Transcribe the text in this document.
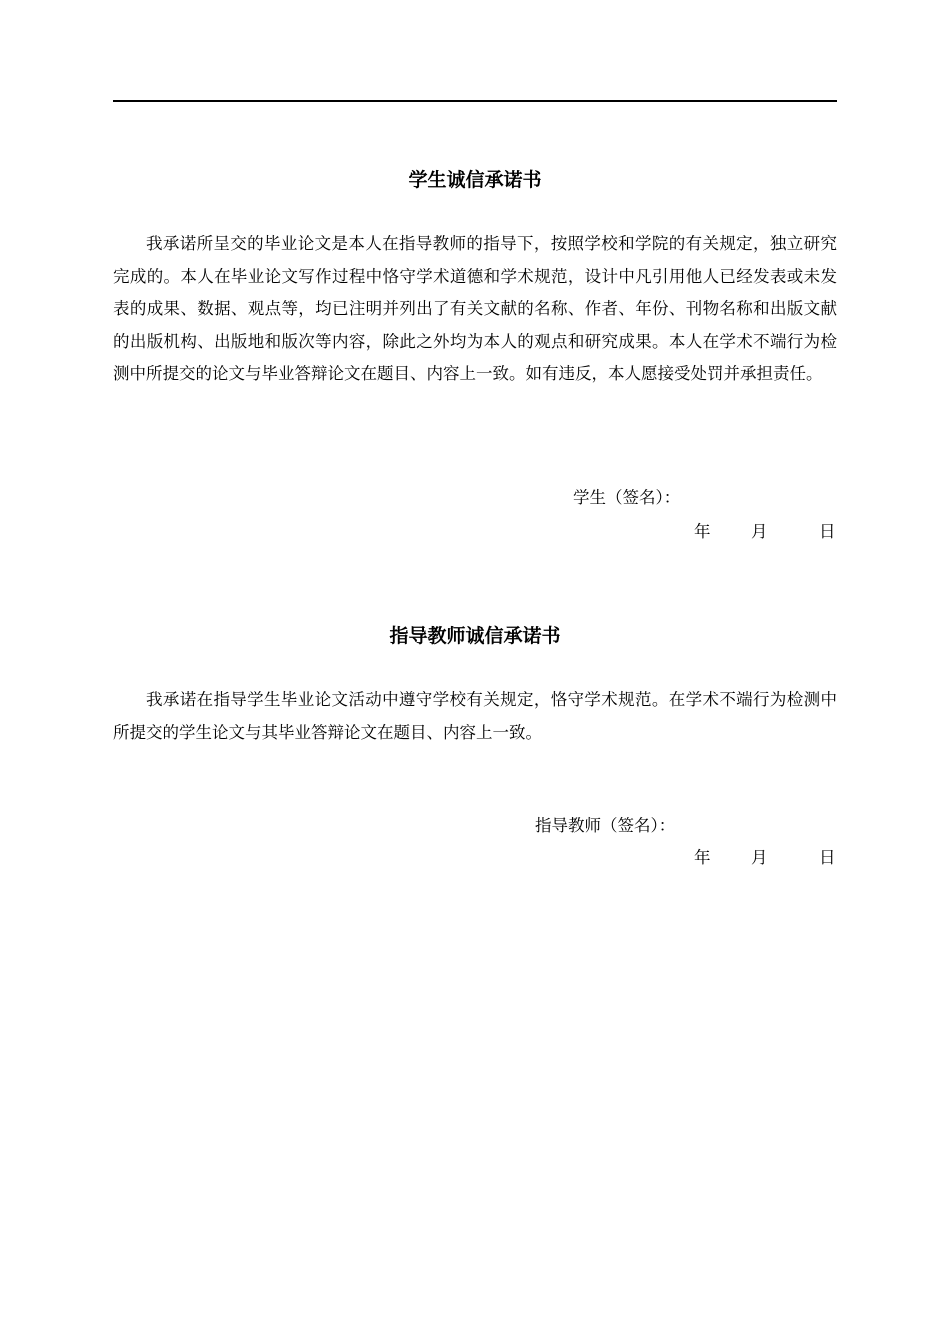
学生诚信承诺书

我承诺所呈交的毕业论文是本人在指导教师的指导下，按照学校和学院的有关规定，独立研究完成的。本人在毕业论文写作过程中恪守学术道德和学术规范，设计中凡引用他人已经发表或未发表的成果、数据、观点等，均已注明并列出了有关文献的名称、作者、年份、刊物名称和出版文献的出版机构、出版地和版次等内容，除此之外均为本人的观点和研究成果。本人在学术不端行为检测中所提交的论文与毕业答辩论文在题目、内容上一致。如有违反，本人愿接受处罚并承担责任。

学生（签名）：
年 月	日
指导教师诚信承诺书

我承诺在指导学生毕业论文活动中遵守学校有关规定，恪守学术规范。在学术不端行为检测中所提交的学生论文与其毕业答辩论文在题目、内容上一致。

指导教师（签名）：
年 月	日
